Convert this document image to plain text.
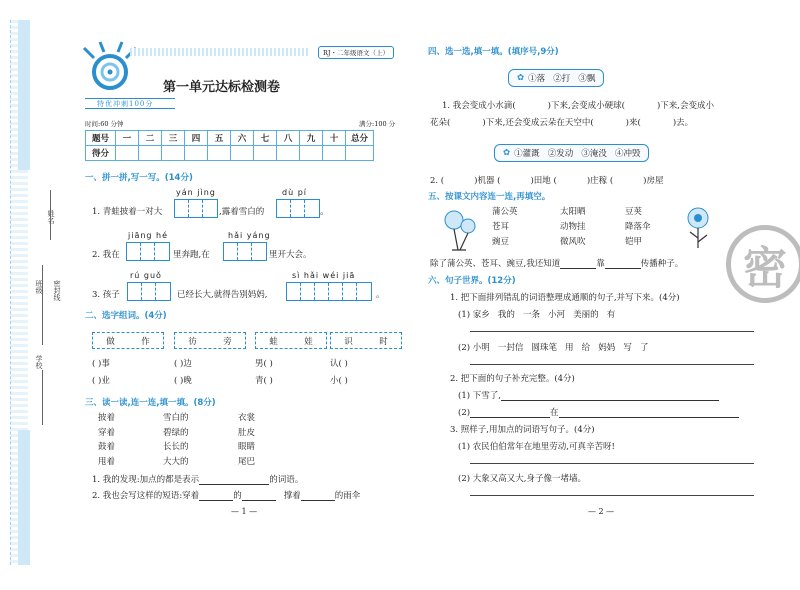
姓名
班级 密封线
学校
RJ・二年级语文（上）
第一单元达标检测卷
特优冲刺100分
时间:60 分钟	满分:100 分
题号	一	二	三	四	五	六	七	八	九	十	总分
得分											
一、拼一拼,写一写。(14分)
yán jìng	dù pí
1. 青蛙披着一对大	,露着雪白的	。
jiāng hé	hǎi yáng
2. 我在	里奔跑,在	里开大会。
rú guǒ	sì hǎi wéi jiā
3. 孩子	已经长大,就得告别妈妈,	。
二、选字组词。(4分)
做	作
( )事
( )业
彷	旁
( )边
( )晚
蛙	娃
男( )
青( )
识	时
认( )
小( )
三、读一读,连一连,填一填。(8分)
披着
穿着
鼓着
甩着
雪白的
碧绿的
长长的
大大的
衣裳
肚皮
眼睛
尾巴
1. 我的发现:加点的都是表示	的词语。
2. 我也会写这样的短语:穿着	的	撑着	的雨伞
— 1 —
四、选一选,填一填。(填序号,9分)
✿ ①落   ②打   ③飘
1. 我会变成小水滴(	)下来,会变成小硬球(	)下来,会变成小
花朵(	)下来,还会变成云朵在天空中(	)来(	)去。
✿ ①灌溉   ②发动   ③淹没   ④冲毁
2. (	)机器 (	)田地 (	)庄稼 (	)房屋
五、按课文内容连一连,再填空。
蒲公英
苍耳
豌豆
太阳晒
动物挂
微风吹
豆荚
降落伞
铠甲
除了蒲公英、苍耳、豌豆,我还知道	靠	传播种子。
六、句子世界。(12分)
1. 把下面排列错乱的词语整理成通顺的句子,并写下来。(4分)
(1) 家乡   我的   一条   小河   美丽的   有
(2) 小明   一封信   圆珠笔   用   给   妈妈   写   了
2. 把下面的句子补充完整。(4分)
(1) 下雪了,
(2)	在
3. 照样子,用加点的词语写句子。(4分)
(1) 农民伯伯常年在地里劳动,可真辛苦呀!
(2) 大象又高又大,身子像一堵墙。
— 2 —
密
